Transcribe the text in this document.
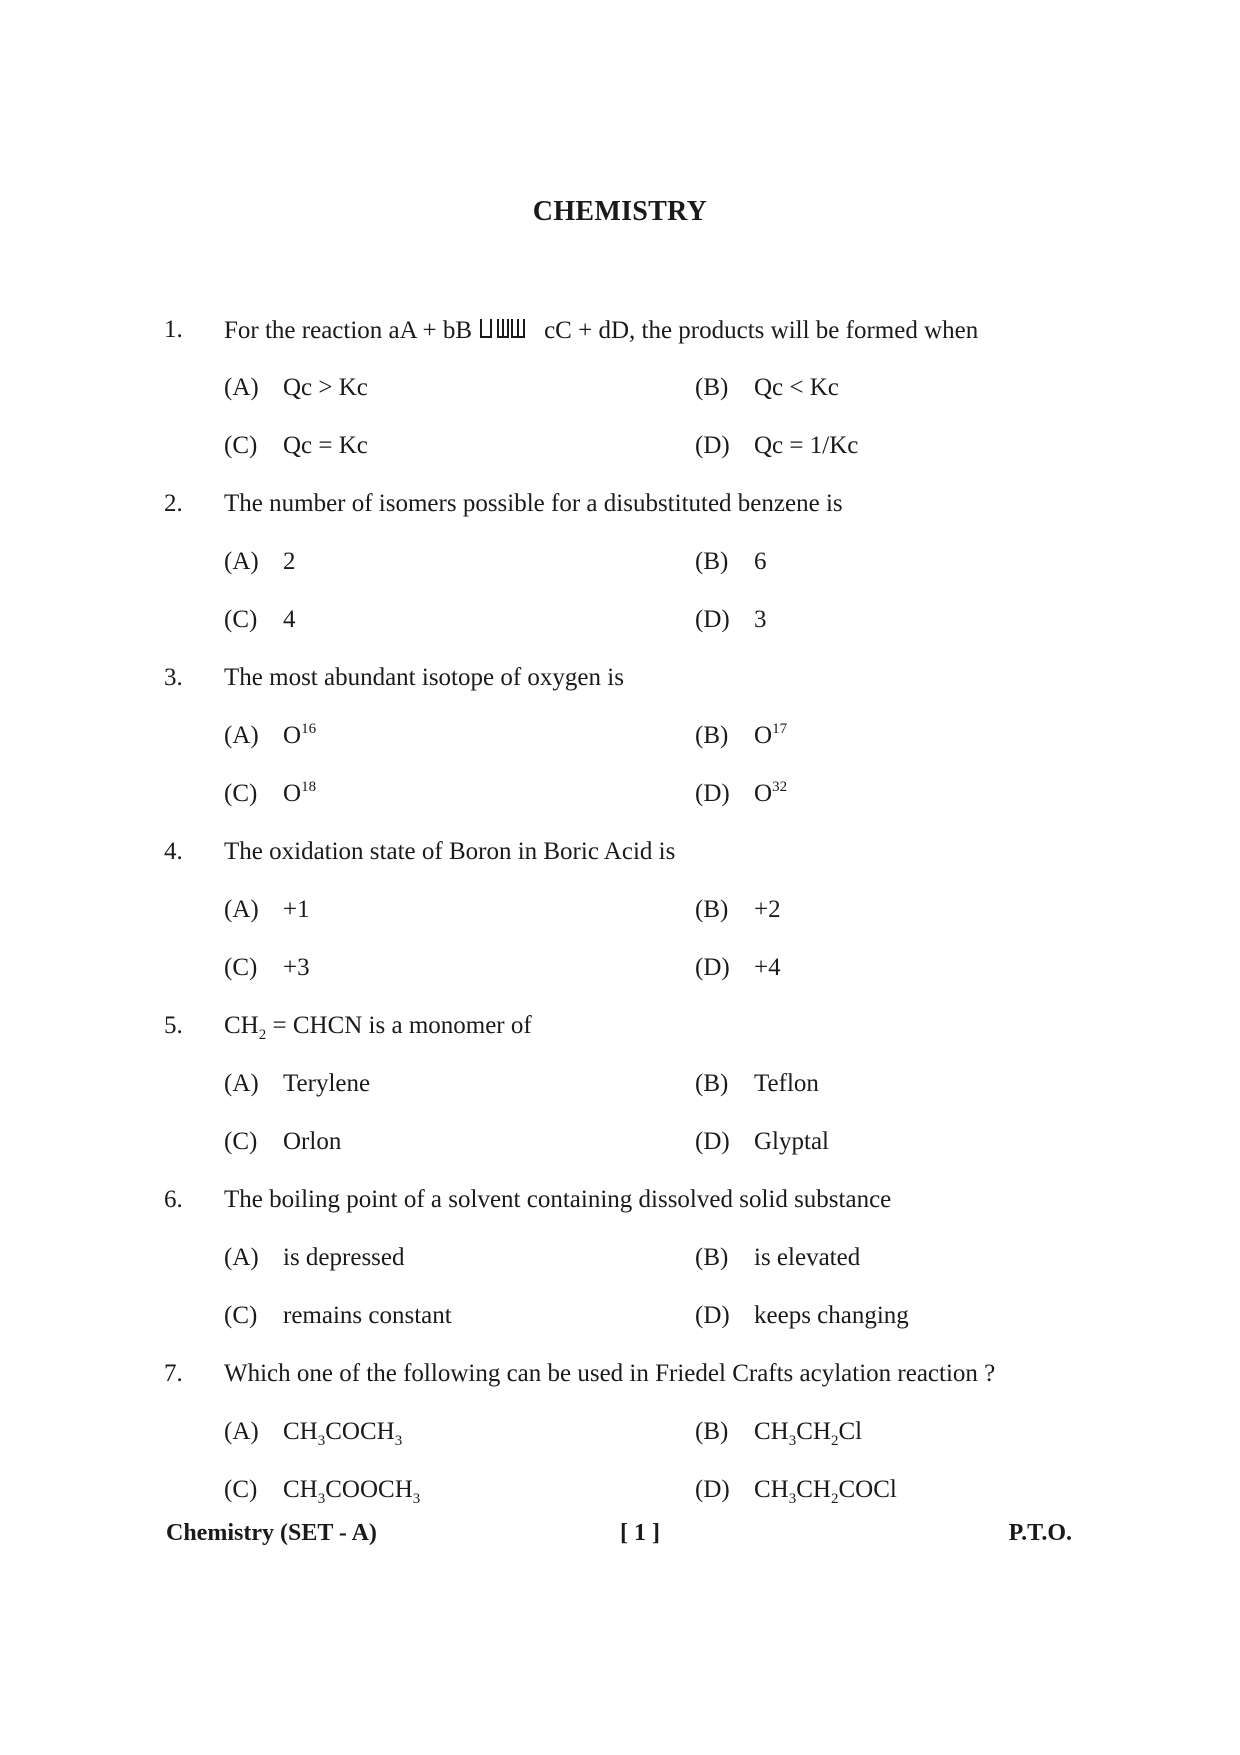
CHEMISTRY
1. For the reaction aA + bB	cC + dD, the products will be formed when
(A) Qc > Kc	(B) Qc < Kc
(C) Qc = Kc	(D) Qc = 1/Kc
2. The number of isomers possible for a disubstituted benzene is
(A) 2	(B) 6
(C) 4	(D) 3
3. The most abundant isotope of oxygen is
(A) $O^{16}$	(B) $O^{17}$
(C) $O^{18}$	(D) $O^{32}$
4. The oxidation state of Boron in Boric Acid is
(A) +1	(B) +2
(C) +3	(D) +4
5. $CH_2$ = CHCN is a monomer of
(A) Terylene	(B) Teflon
(C) Orlon	(D) Glyptal
6. The boiling point of a solvent containing dissolved solid substance
(A) is depressed	(B) is elevated
(C) remains constant	(D) keeps changing
7. Which one of the following can be used in Friedel Crafts acylation reaction ?
(A) $CH_3COCH_3$	(B) $CH_3CH_2Cl$
(C) $CH_3COOCH_3$	(D) $CH_3CH_2COCl$
Chemistry (SET - A)	[ 1 ]	P.T.O.
